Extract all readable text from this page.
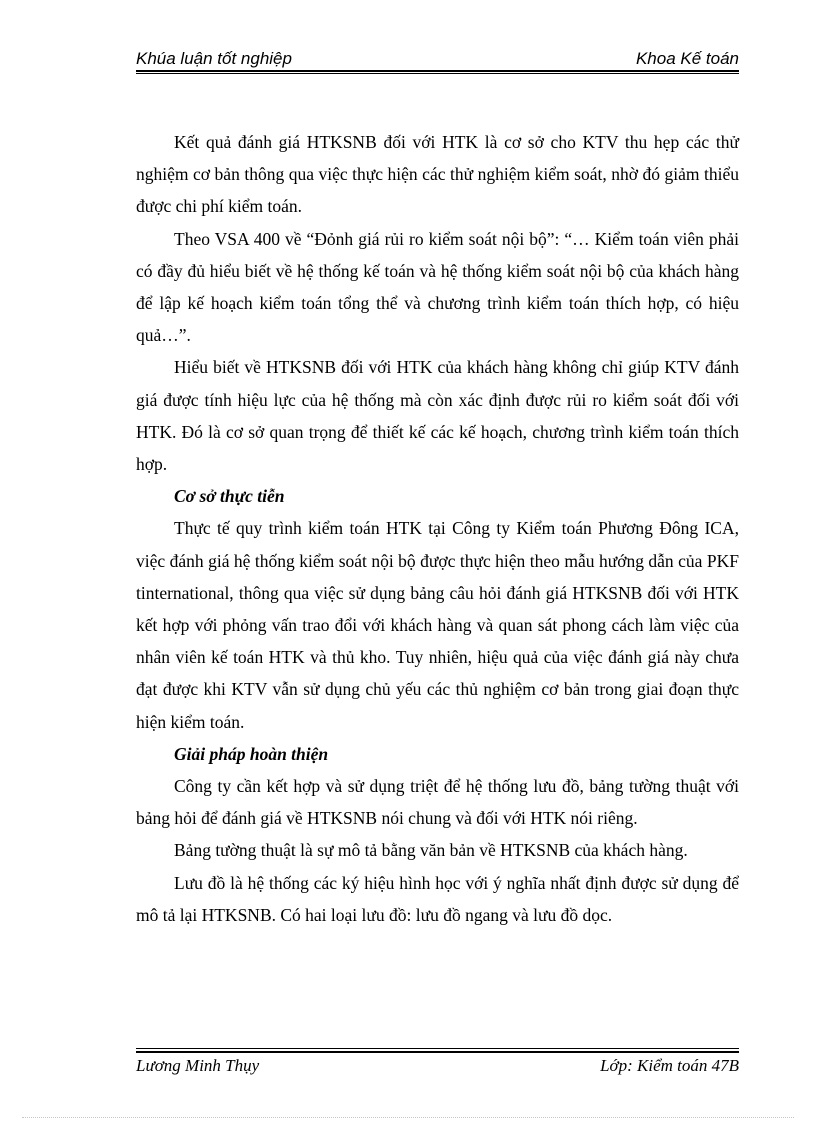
Khúa luận tốt nghiệp	Khoa Kế toán

Kết quả đánh giá HTKSNB đối với HTK là cơ sở cho KTV thu hẹp các thử nghiệm cơ bản thông qua việc thực hiện các thử nghiệm kiểm soát, nhờ đó giảm thiểu được chi phí kiểm toán.

Theo VSA 400 về “Đỏnh giá rủi ro kiểm soát nội bộ”: “… Kiểm toán viên phải có đầy đủ hiểu biết về hệ thống kế toán và hệ thống kiểm soát nội bộ của khách hàng để lập kế hoạch kiểm toán tổng thể và chương trình kiểm toán thích hợp, có hiệu quả…”.

Hiểu biết về HTKSNB đối với HTK của khách hàng không chỉ giúp KTV đánh giá được tính hiệu lực của hệ thống mà còn xác định được rủi ro kiểm soát đối với HTK. Đó là cơ sở quan trọng để thiết kế các kế hoạch, chương trình kiểm toán thích hợp.

Cơ sở thực tiễn

Thực tế quy trình kiểm toán HTK tại Công ty Kiểm toán Phương Đông ICA, việc đánh giá hệ thống kiểm soát nội bộ được thực hiện theo mẫu hướng dẫn của PKF tinternational, thông qua việc sử dụng bảng câu hỏi đánh giá HTKSNB đối với HTK kết hợp với phỏng vấn trao đổi với khách hàng và quan sát phong cách làm việc của nhân viên kế toán HTK và thủ kho. Tuy nhiên, hiệu quả của việc đánh giá này chưa đạt được khi KTV vẫn sử dụng chủ yếu các thủ nghiệm cơ bản trong giai đoạn thực hiện kiểm toán.

Giải pháp hoàn thiện

Công ty cần kết hợp và sử dụng triệt để hệ thống lưu đồ, bảng tường thuật với bảng hỏi để đánh giá về HTKSNB nói chung và đối với HTK nói riêng.

Bảng tường thuật là sự mô tả bằng văn bản về HTKSNB của khách hàng.

Lưu đồ là hệ thống các ký hiệu hình học với ý nghĩa nhất định được sử dụng để mô tả lại HTKSNB. Có hai loại lưu đồ: lưu đồ ngang và lưu đồ dọc.

Lương Minh Thụy	Lớp: Kiểm toán 47B
